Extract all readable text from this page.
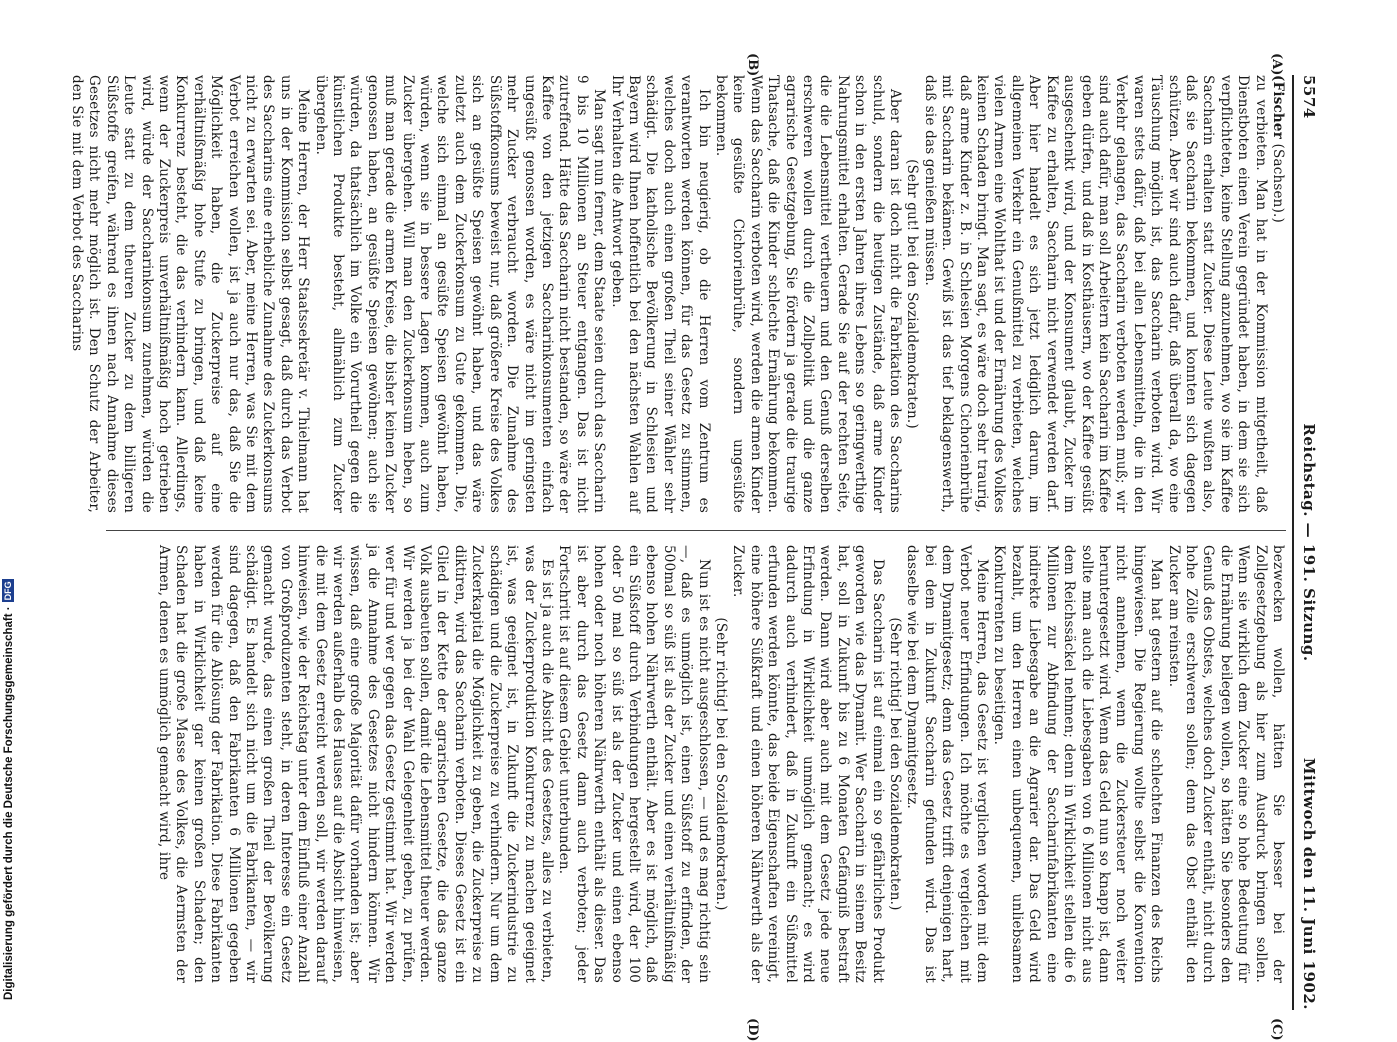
5574
Reichstag. — 191. Sitzung.
Mittwoch den 11. Juni 1902.
(A)
(B)
(C)
(D)

(Fischer (Sachsen).)

zu verbieten. Man hat in der Kommission mitgetheilt, daß Dienstboten einen Verein gegründet haben, in dem sie sich verpflichteten, keine Stellung anzunehmen, wo sie im Kaffee Saccharin erhalten statt Zucker. Diese Leute wußten also, daß sie Saccharin bekommen, und konnten sich dagegen schützen. Aber wir sind auch dafür, daß überall da, wo eine Täuschung möglich ist, das Saccharin verboten wird. Wir waren stets dafür, daß bei allen Lebensmitteln, die in den Verkehr gelangen, das Saccharin verboten werden muß; wir sind auch dafür, man soll Arbeitern kein Saccharin im Kaffee geben dürfen, und daß in Kosthäusern, wo der Kaffee gesüßt ausgeschenkt wird, und der Konsument glaubt, Zucker im Kaffee zu erhalten, Saccharin nicht verwendet werden darf. Aber hier handelt es sich jetzt lediglich darum, im allgemeinen Verkehr ein Genußmittel zu verbieten, welches vielen Armen eine Wohlthat ist und der Ernährung des Volkes keinen Schaden bringt. Man sagt, es wäre doch sehr traurig, daß arme Kinder z. B. in Schlesien Morgens Cichorienbrühe mit Saccharin bekämen. Gewiß ist das tief beklagenswerth, daß sie das genießen müssen.

(Sehr gut! bei den Sozialdemokraten.)

Aber daran ist doch nicht die Fabrikation des Saccharins schuld, sondern die heutigen Zustände, daß arme Kinder schon in den ersten Jahren ihres Lebens so geringwerthige Nahrungsmittel erhalten. Gerade Sie auf der rechten Seite, die die Lebensmittel vertheuern und den Genuß derselben erschweren wollen durch die Zollpolitik und die ganze agrarische Gesetzgebung, Sie fördern ja gerade die traurige Thatsache, daß die Kinder schlechte Ernährung bekommen. Wenn das Saccharin verboten wird, werden die armen Kinder keine gesüßte Cichorienbrühe, sondern ungesüßte bekommen.

Ich bin neugierig, ob die Herren vom Zentrum es verantworten werden können, für das Gesetz zu stimmen, welches doch auch einen großen Theil seiner Wähler sehr schädigt. Die katholische Bevölkerung in Schlesien und Bayern wird Ihnen hoffentlich bei den nächsten Wahlen auf Ihr Verhalten die Antwort geben.

Man sagt nun ferner, dem Staate seien durch das Saccharin 9 bis 10 Millionen an Steuer entgangen. Das ist nicht zutreffend. Hätte das Saccharin nicht bestanden, so wäre der Kaffee von den jetzigen Saccharinkonsumenten einfach ungesüßt genossen worden, es wäre nicht im geringsten mehr Zucker verbraucht worden. Die Zunahme des Süßstoffkonsums beweist nur, daß größere Kreise des Volkes sich an gesüßte Speisen gewöhnt haben, und das wäre zuletzt auch dem Zuckerkonsum zu Gute gekommen. Die, welche sich einmal an gesüßte Speisen gewöhnt haben, würden, wenn sie in bessere Lagen kommen, auch zum Zucker übergehen. Will man den Zuckerkonsum heben, so muß man gerade die armen Kreise, die bisher keinen Zucker genossen haben, an gesüßte Speisen gewöhnen; auch sie würden, da thatsächlich im Volke ein Vorurtheil gegen die künstlichen Produkte besteht, allmählich zum Zucker übergehen.

Meine Herren, der Herr Staatssekretär v. Thielmann hat uns in der Kommission selbst gesagt, daß durch das Verbot des Saccharins eine erhebliche Zunahme des Zuckerkonsums nicht zu erwarten sei. Aber, meine Herren, was Sie mit dem Verbot erreichen wollen, ist ja auch nur das, daß Sie die Möglichkeit haben, die Zuckerpreise auf eine verhältnißmäßig hohe Stufe zu bringen, und daß keine Konkurrenz besteht, die das verhindern kann. Allerdings, wenn der Zuckerpreis unverhältnißmäßig hoch getrieben wird, würde der Saccharinkonsum zunehmen, würden die Leute statt zu dem theuren Zucker zu dem billigeren Süßstoffe greifen, während es ihnen nach Annahme dieses Gesetzes nicht mehr möglich ist. Den Schutz der Arbeiter, den Sie mit dem Verbot des Saccharins

bezwecken wollen, hätten Sie besser bei der Zollgesetzgebung als hier zum Ausdruck bringen sollen. Wenn sie wirklich dem Zucker eine so hohe Bedeutung für die Ernährung beilegen wollen, so hätten Sie besonders den Genuß des Obstes, welches doch Zucker enthält, nicht durch hohe Zölle erschweren sollen; denn das Obst enthält den Zucker am reinsten.

Man hat gestern auf die schlechten Finanzen des Reichs hingewiesen. Die Regierung wollte selbst die Konvention nicht annehmen, wenn die Zuckersteuer noch weiter heruntergesetzt wird. Wenn das Geld nun so knapp ist, dann sollte man auch die Liebesgaben von 6 Millionen nicht aus dem Reichssäckel nehmen; denn in Wirklichkeit stellen die 6 Millionen zur Abfindung der Saccharinfabrikanten eine indirekte Liebesgabe an die Agrarier dar. Das Geld wird bezahlt, um den Herren einen unbequemen, unliebsamen Konkurrenten zu beseitigen.

Meine Herren, das Gesetz ist verglichen worden mit dem Verbot neuer Erfindungen. Ich möchte es vergleichen mit dem Dynamitgesetz; denn das Gesetz trifft denjenigen hart, bei dem in Zukunft Saccharin gefunden wird. Das ist dasselbe wie bei dem Dynamitgesetz.

(Sehr richtig! bei den Sozialdemokraten.)

Das Saccharin ist auf einmal ein so gefährliches Produkt geworden wie das Dynamit. Wer Saccharin in seinem Besitz hat, soll in Zukunft bis zu 6 Monaten Gefängniß bestraft werden. Dann wird aber auch mit dem Gesetz jede neue Erfindung in Wirklichkeit unmöglich gemacht; es wird dadurch auch verhindert, daß in Zukunft ein Süßmittel erfunden werden könnte, das beide Eigenschaften vereinigt, eine höhere Süßkraft und einen höheren Nährwerth als der Zucker.

(Sehr richtig! bei den Sozialdemokraten.)

Nun ist es nicht ausgeschlossen, — und es mag richtig sein —, daß es unmöglich ist, einen Süßstoff zu erfinden, der 500mal so süß ist als der Zucker und einen verhältnißmäßig ebenso hohen Nährwerth enthält. Aber es ist möglich, daß ein Süßstoff durch Verbindungen hergestellt wird, der 100 oder 50 mal so süß ist als der Zucker und einen ebenso hohen oder noch höheren Nährwerth enthält als dieser. Das ist aber durch das Gesetz dann auch verboten; jeder Fortschritt ist auf diesem Gebiet unterbunden.

Es ist ja auch die Absicht des Gesetzes, alles zu verbieten, was der Zuckerproduktion Konkurrenz zu machen geeignet ist, was geeignet ist, in Zukunft die Zuckerindustrie zu schädigen und die Zuckerpreise zu verhindern. Nur um dem Zuckerkapital die Möglichkeit zu geben, die Zuckerpreise zu diktiren, wird das Saccharin verboten. Dieses Gesetz ist ein Glied in der Kette der agrarischen Gesetze, die das ganze Volk ausbeuten sollen, damit die Lebensmittel theuer werden. Wir werden ja bei der Wahl Gelegenheit geben, zu prüfen, wer für und wer gegen das Gesetz gestimmt hat. Wir werden ja die Annahme des Gesetzes nicht hindern können. Wir wissen, daß eine große Majorität dafür vorhanden ist; aber wir werden außerhalb des Hauses auf die Absicht hinweisen, die mit dem Gesetz erreicht werden soll, wir werden darauf hinweisen, wie der Reichstag unter dem Einfluß einer Anzahl von Großproduzenten steht, in deren Interesse ein Gesetz gemacht wurde, das einen großen Theil der Bevölkerung schädigt. Es handelt sich nicht um die Fabrikanten, — wir sind dagegen, daß den Fabrikanten 6 Millionen gegeben werden für die Ablösung der Fabrikation. Diese Fabrikanten haben in Wirklichkeit gar keinen großen Schaden; den Schaden hat die große Masse des Volkes, die Aermsten der Armen, denen es unmöglich gemacht wird, ihre

Digitalisierung gefördert durch die Deutsche Forschungsgemeinschaft ·DFG
